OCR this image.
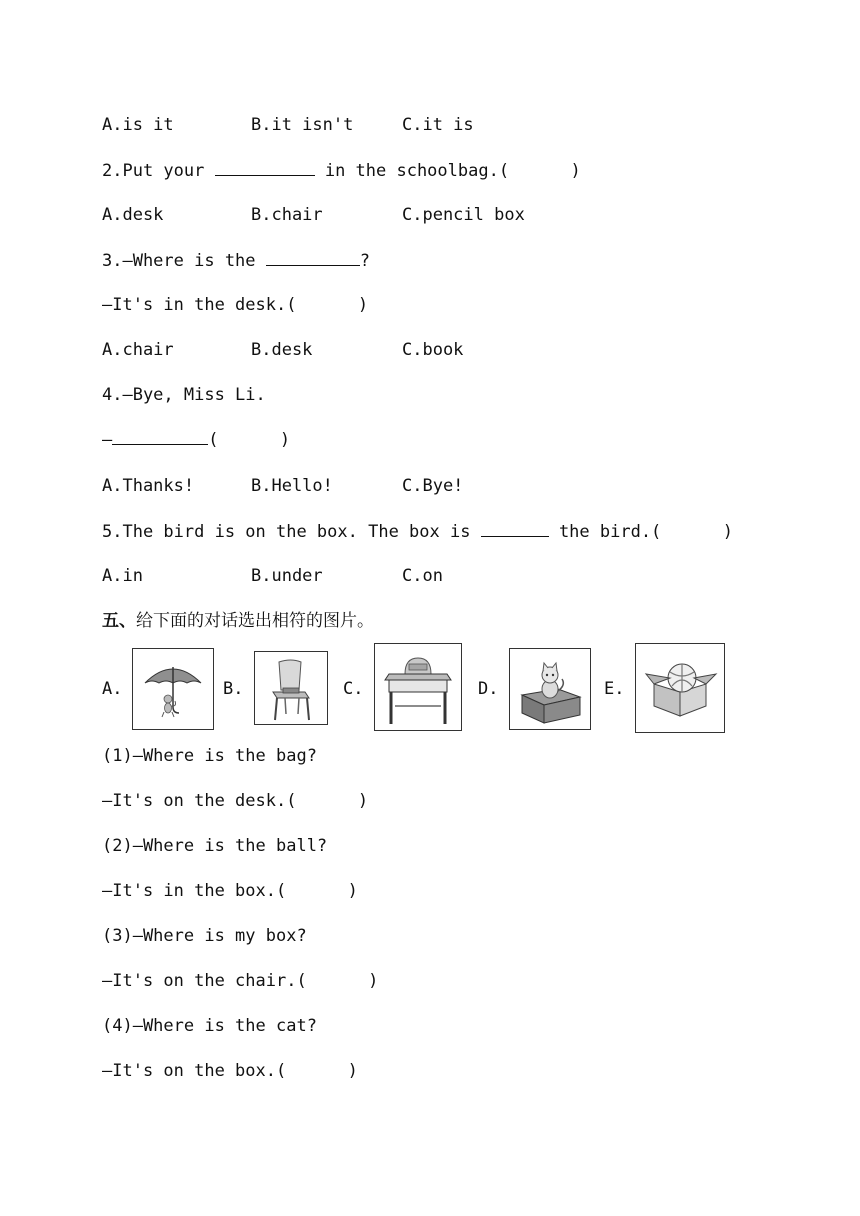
A.is it	B.it isn't	C.it is
2.Put your	in the schoolbag.(      )
A.desk	B.chair	C.pencil box
3.—Where is the	?
—It's in the desk.(      )
A.chair	B.desk	C.book
4.—Bye, Miss Li.
—	(      )
A.Thanks!	B.Hello!	C.Bye!
5.The bird is on the box. The box is	the bird.(      )
A.in	B.under	C.on
五、给下面的对话选出相符的图片。
A.	B.	C.	D.	E.
(1)—Where is the bag?
—It's on the desk.(      )
(2)—Where is the ball?
—It's in the box.(      )
(3)—Where is my box?
—It's on the chair.(      )
(4)—Where is the cat?
—It's on the box.(      )
